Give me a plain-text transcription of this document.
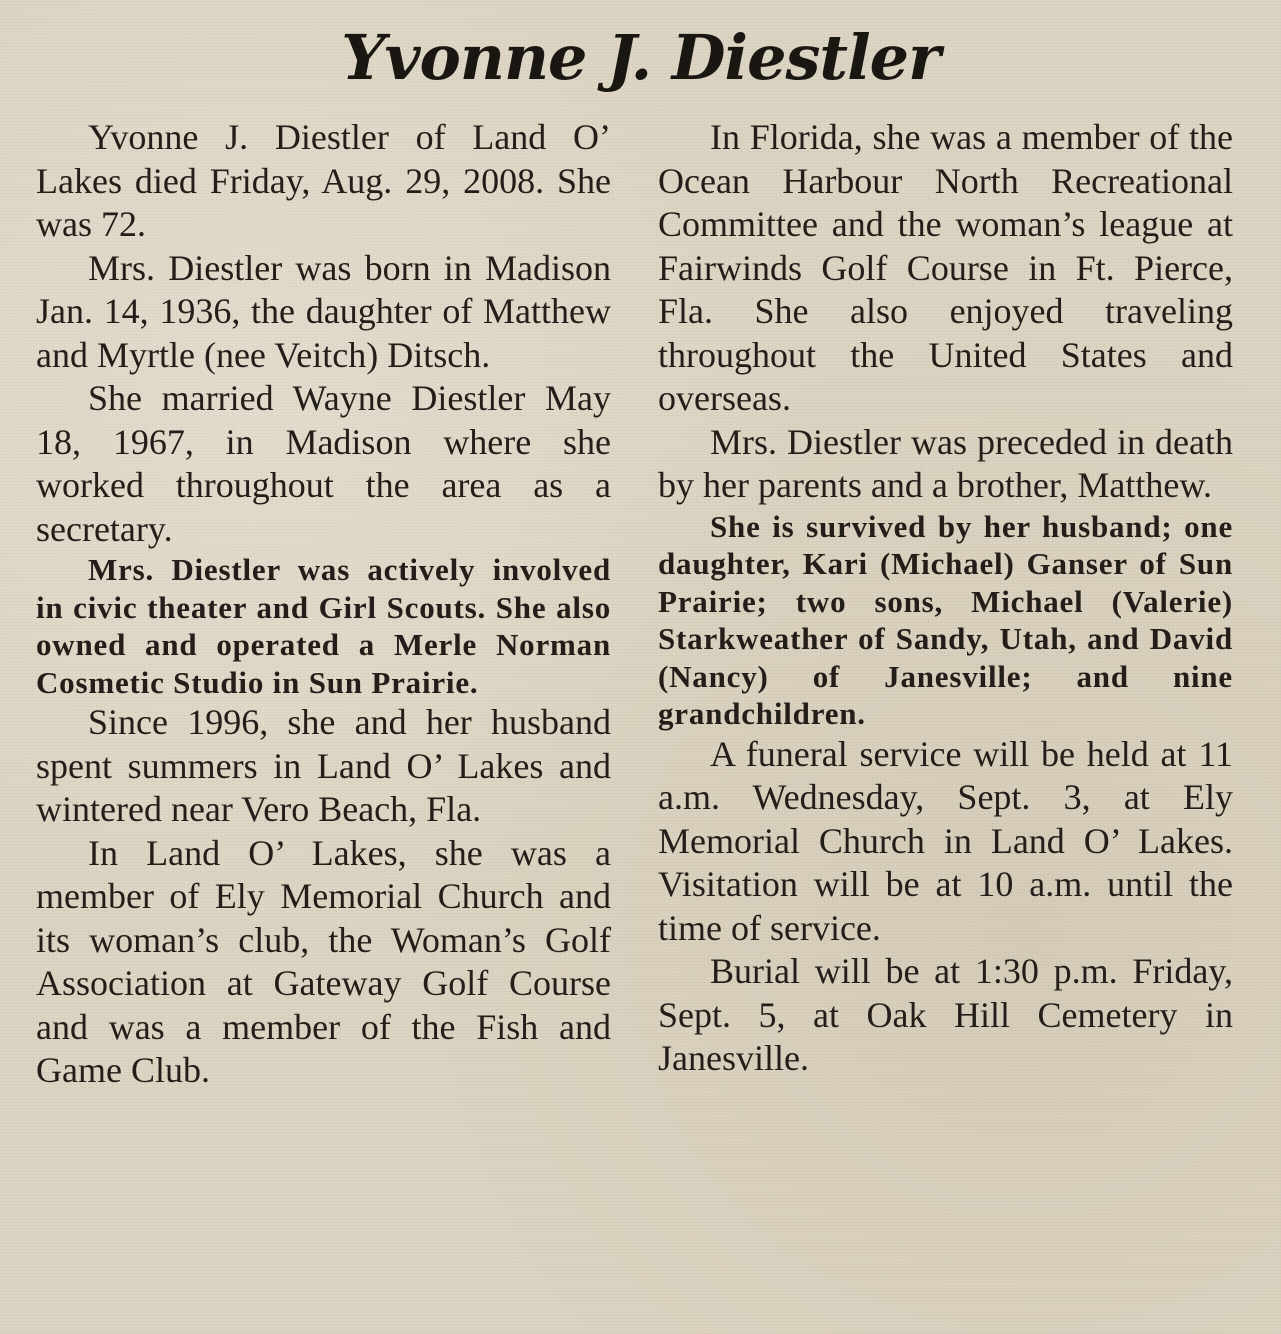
Yvonne J. Diestler

Yvonne J. Diestler of Land O’ Lakes died Friday, Aug. 29, 2008. She was 72.

Mrs. Diestler was born in Madison Jan. 14, 1936, the daughter of Matthew and Myrtle (nee Veitch) Ditsch.

She married Wayne Diestler May 18, 1967, in Madison where she worked throughout the area as a secretary.

Mrs. Diestler was actively involved in civic theater and Girl Scouts. She also owned and operated a Merle Norman Cosmetic Studio in Sun Prairie.

Since 1996, she and her husband spent summers in Land O’ Lakes and wintered near Vero Beach, Fla.

In Land O’ Lakes, she was a member of Ely Memorial Church and its woman’s club, the Woman’s Golf Association at Gateway Golf Course and was a member of the Fish and Game Club.

In Florida, she was a member of the Ocean Harbour North Recreational Committee and the woman’s league at Fairwinds Golf Course in Ft. Pierce, Fla. She also enjoyed traveling throughout the United States and overseas.

Mrs. Diestler was preceded in death by her parents and a brother, Matthew.

She is survived by her husband; one daughter, Kari (Michael) Ganser of Sun Prairie; two sons, Michael (Valerie) Starkweather of Sandy, Utah, and David (Nancy) of Janesville; and nine grandchildren.

A funeral service will be held at 11 a.m. Wednesday, Sept. 3, at Ely Memorial Church in Land O’ Lakes. Visitation will be at 10 a.m. until the time of service.

Burial will be at 1:30 p.m. Friday, Sept. 5, at Oak Hill Cemetery in Janesville.
